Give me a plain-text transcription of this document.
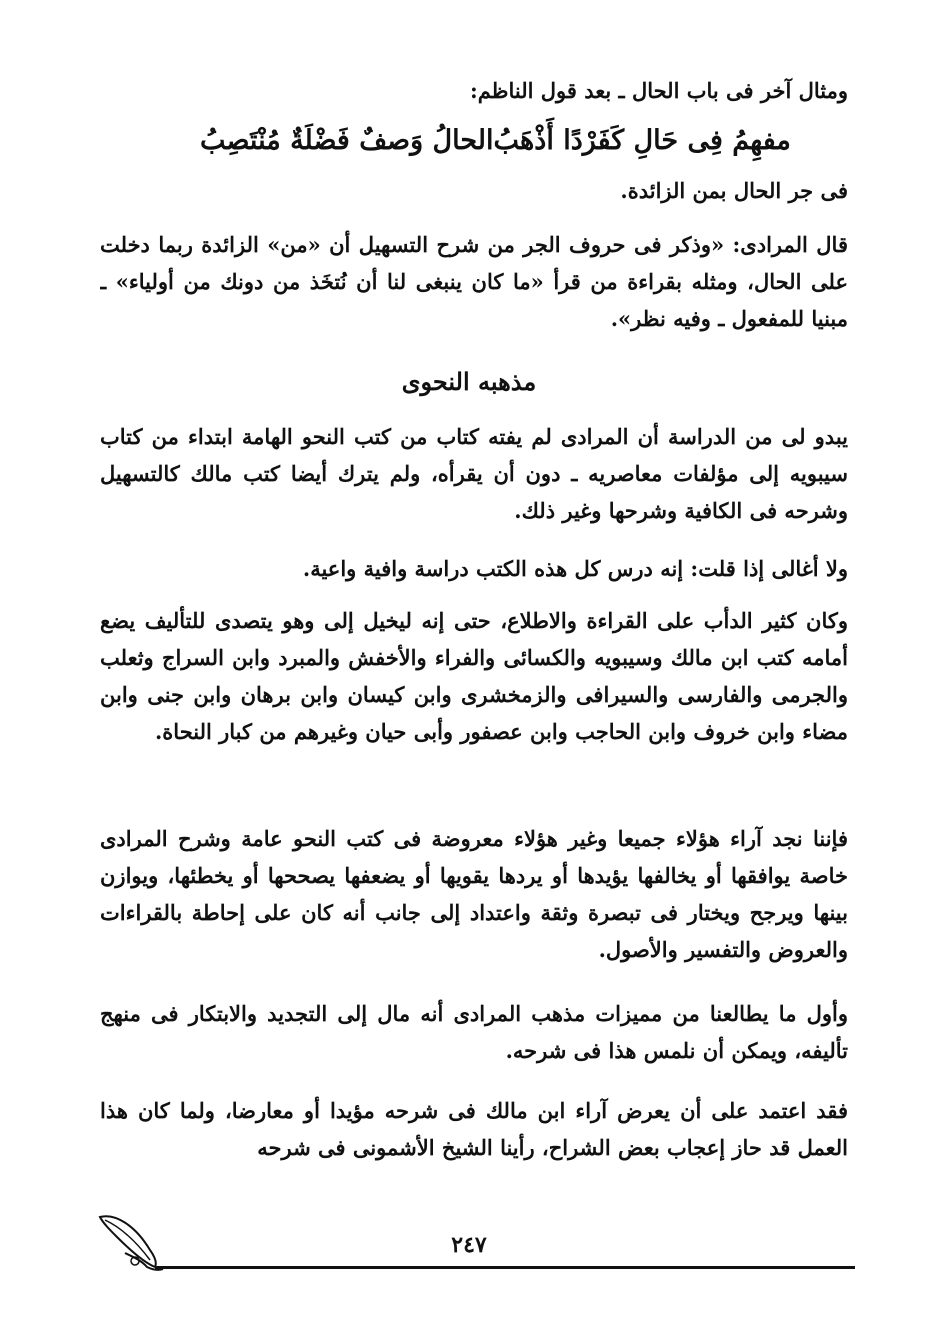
ومثال آخر فى باب الحال ـ بعد قول الناظم:
الحالُ وَصفٌ فَضْلَةٌ مُنْتَصِبُ مفهِمُ فِى حَالِ كَفَرْدًا أَذْهَبُ
فى جر الحال بمن الزائدة.
قال المرادى: «وذكر فى حروف الجر من شرح التسهيل أن «من» الزائدة ربما دخلت على الحال، ومثله بقراءة من قرأ «ما كان ينبغى لنا أن نُتخَذ من دونك من أولياء» ـ مبنيا للمفعول ـ وفيه نظر».
مذهبه النحوى
يبدو لى من الدراسة أن المرادى لم يفته كتاب من كتب النحو الهامة ابتداء من كتاب سيبويه إلى مؤلفات معاصريه ـ دون أن يقرأه، ولم يترك أيضا كتب مالك كالتسهيل وشرحه فى الكافية وشرحها وغير ذلك.
ولا أغالى إذا قلت: إنه درس كل هذه الكتب دراسة وافية واعية.
وكان كثير الدأب على القراءة والاطلاع، حتى إنه ليخيل إلى وهو يتصدى للتأليف يضع أمامه كتب ابن مالك وسيبويه والكسائى والفراء والأخفش والمبرد وابن السراج وثعلب والجرمى والفارسى والسيرافى والزمخشرى وابن كيسان وابن برهان وابن جنى وابن مضاء وابن خروف وابن الحاجب وابن عصفور وأبى حيان وغيرهم من كبار النحاة.
فإننا نجد آراء هؤلاء جميعا وغير هؤلاء معروضة فى كتب النحو عامة وشرح المرادى خاصة يوافقها أو يخالفها يؤيدها أو يردها يقويها أو يضعفها يصححها أو يخطئها، ويوازن بينها ويرجح ويختار فى تبصرة وثقة واعتداد إلى جانب أنه كان على إحاطة بالقراءات والعروض والتفسير والأصول.
وأول ما يطالعنا من مميزات مذهب المرادى أنه مال إلى التجديد والابتكار فى منهج تأليفه، ويمكن أن نلمس هذا فى شرحه.
فقد اعتمد على أن يعرض آراء ابن مالك فى شرحه مؤيدا أو معارضا، ولما كان هذا العمل قد حاز إعجاب بعض الشراح، رأينا الشيخ الأشمونى فى شرحه
٢٤٧
